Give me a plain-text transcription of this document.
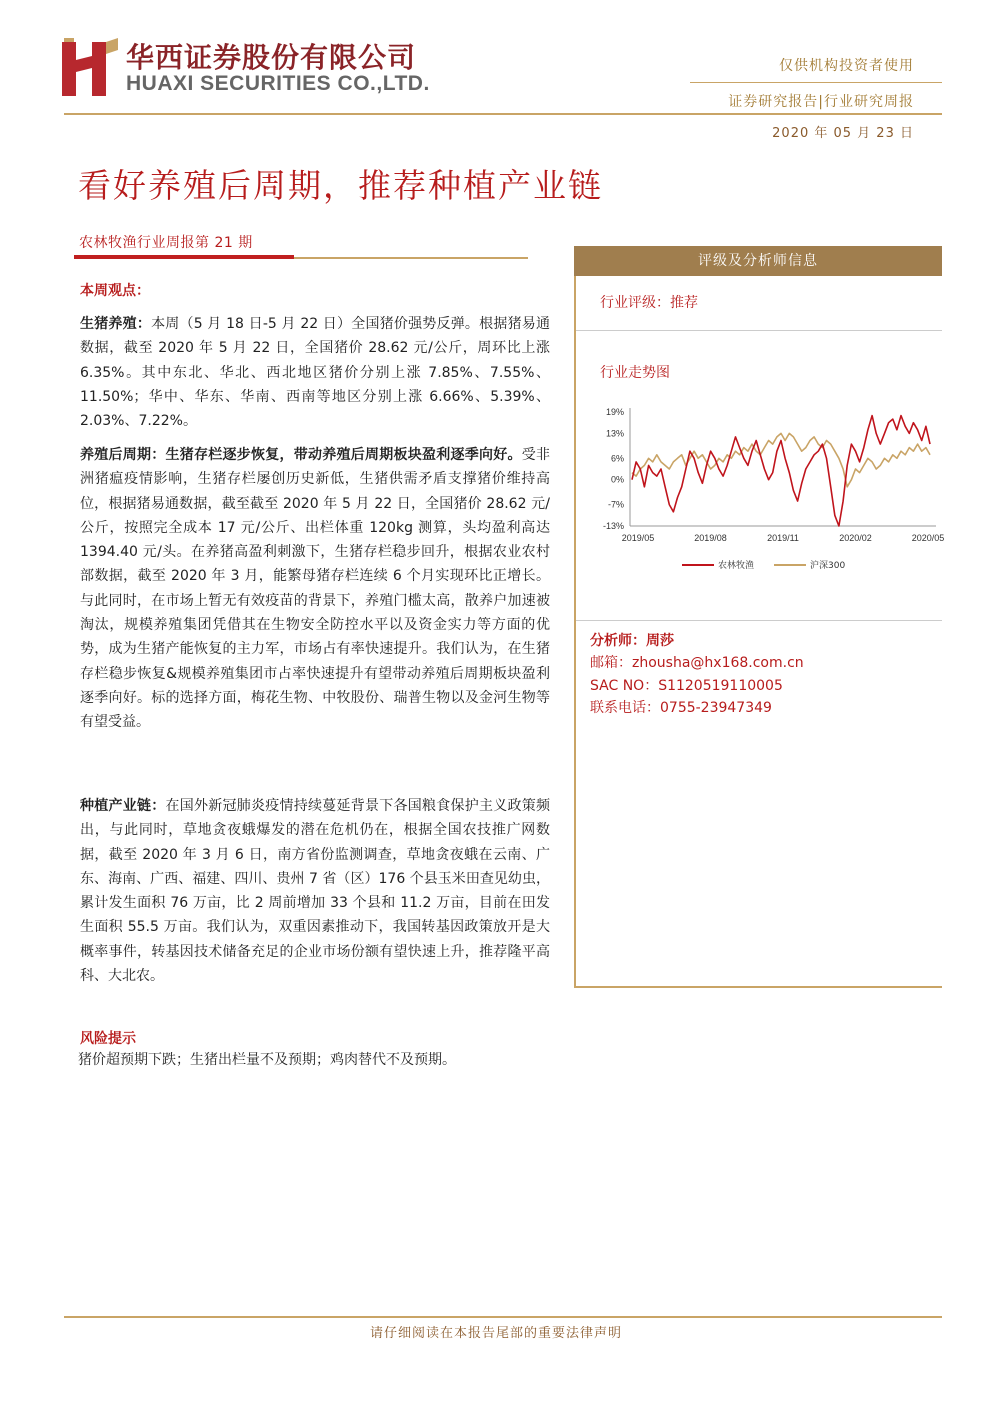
华西证券股份有限公司
HUAXI SECURITIES CO.,LTD.
仅供机构投资者使用
证券研究报告|行业研究周报
2020 年 05 月 23 日
看好养殖后周期，推荐种植产业链
农林牧渔行业周报第 21 期
本周观点：
生猪养殖：本周（5 月 18 日-5 月 22 日）全国猪价强势反弹。根据猪易通数据，截至 2020 年 5 月 22 日，全国猪价 28.62 元/公斤，周环比上涨 6.35%。其中东北、华北、西北地区猪价分别上涨 7.85%、7.55%、11.50%；华中、华东、华南、西南等地区分别上涨 6.66%、5.39%、2.03%、7.22%。
养殖后周期：生猪存栏逐步恢复，带动养殖后周期板块盈利逐季向好。受非洲猪瘟疫情影响，生猪存栏屡创历史新低，生猪供需矛盾支撑猪价维持高位，根据猪易通数据，截至截至 2020 年 5 月 22 日，全国猪价 28.62 元/公斤，按照完全成本 17 元/公斤、出栏体重 120kg 测算，头均盈利高达 1394.40 元/头。在养猪高盈利刺激下，生猪存栏稳步回升，根据农业农村部数据，截至 2020 年 3 月，能繁母猪存栏连续 6 个月实现环比正增长。与此同时，在市场上暂无有效疫苗的背景下，养殖门槛太高，散养户加速被淘汰，规模养殖集团凭借其在生物安全防控水平以及资金实力等方面的优势，成为生猪产能恢复的主力军，市场占有率快速提升。我们认为，在生猪存栏稳步恢复&规模养殖集团市占率快速提升有望带动养殖后周期板块盈利逐季向好。标的选择方面，梅花生物、中牧股份、瑞普生物以及金河生物等有望受益。
种植产业链：在国外新冠肺炎疫情持续蔓延背景下各国粮食保护主义政策频出，与此同时，草地贪夜蛾爆发的潜在危机仍在，根据全国农技推广网数据，截至 2020 年 3 月 6 日，南方省份监测调查，草地贪夜蛾在云南、广东、海南、广西、福建、四川、贵州 7 省（区）176 个县玉米田查见幼虫，累计发生面积 76 万亩，比 2 周前增加 33 个县和 11.2 万亩，目前在田发生面积 55.5 万亩。我们认为，双重因素推动下，我国转基因政策放开是大概率事件，转基因技术储备充足的企业市场份额有望快速上升，推荐隆平高科、大北农。
风险提示
猪价超预期下跌；生猪出栏量不及预期；鸡肉替代不及预期。
评级及分析师信息
行业评级：推荐
行业走势图
19%
13%
6%
0%
-7%
-13%
2019/05	2019/08	2019/11	2020/02	2020/05
农林牧渔	沪深300
分析师：周莎
邮箱：zhousha@hx168.com.cn
SAC NO：S1120519110005
联系电话：0755-23947349
请仔细阅读在本报告尾部的重要法律声明
